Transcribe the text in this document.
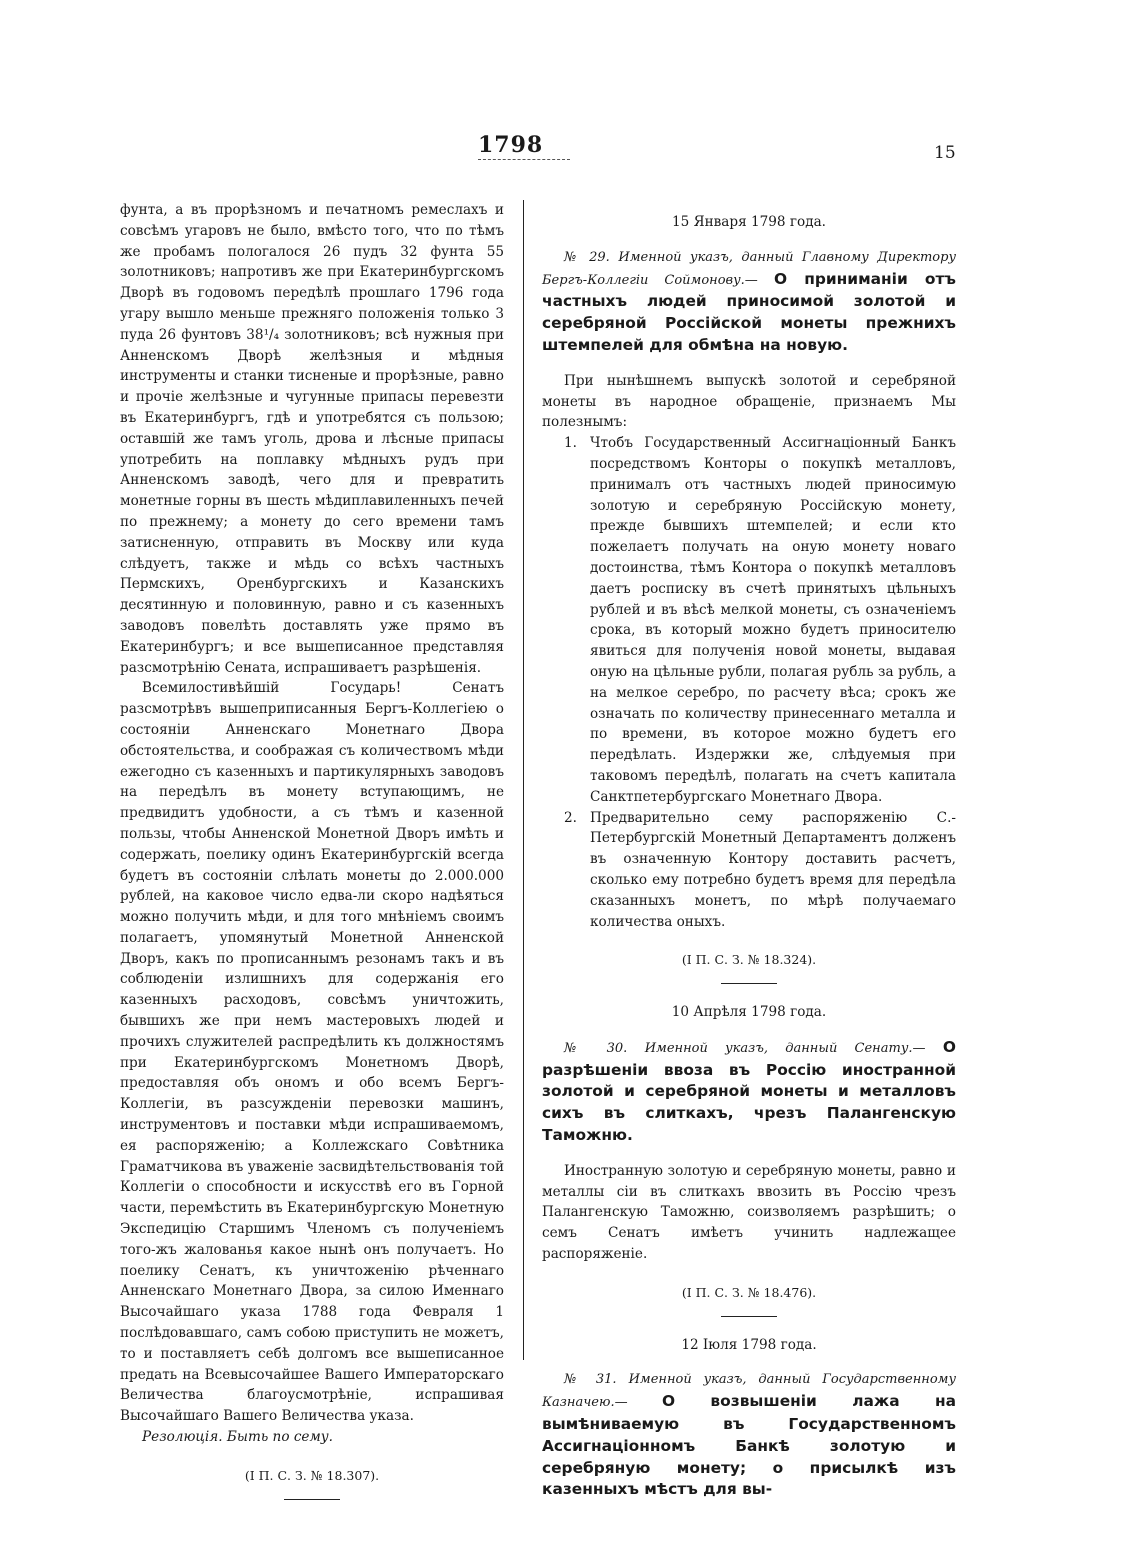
1798	15

фунта, а въ прорѣзномъ и печатномъ ремеслахъ и совсѣмъ угаровъ не было, вмѣсто того, что по тѣмъ же пробамъ пологалося 26 пудъ 32 фунта 55 золотниковъ; напротивъ же при Екатеринбургскомъ Дворѣ въ годовомъ передѣлѣ прошлаго 1796 года угару вышло меньше прежняго положенія только 3 пуда 26 фунтовъ 38¹/₄ золотниковъ; всѣ нужныя при Анненскомъ Дворѣ желѣзныя и мѣдныя инструменты и станки тисненые и прорѣзные, равно и прочіе желѣзные и чугунные припасы перевезти въ Екатеринбургъ, гдѣ и употребятся съ пользою; оставшій же тамъ уголь, дрова и лѣсные припасы употребить на поплавку мѣдныхъ рудъ при Анненскомъ заводѣ, чего для и превратить монетные горны въ шесть мѣдиплавиленныхъ печей по прежнему; а монету до сего времени тамъ затисненную, отправить въ Москву или куда слѣдуетъ, также и мѣдь со всѣхъ частныхъ Пермскихъ, Оренбургскихъ и Казанскихъ десятинную и половинную, равно и съ казенныхъ заводовъ повелѣть доставлять уже прямо въ Екатеринбургъ; и все вышеписанное представляя разсмотрѣнію Сената, испрашиваетъ разрѣшенія.

Всемилостивѣйшій Государь! Сенатъ разсмотрѣвъ вышеприписанныя Бергъ-Коллегіею о состояніи Анненскаго Монетнаго Двора обстоятельства, и соображая съ количествомъ мѣди ежегодно съ казенныхъ и партикулярныхъ заводовъ на передѣлъ въ монету вступающимъ, не предвидитъ удобности, а съ тѣмъ и казенной пользы, чтобы Анненской Монетной Дворъ имѣть и содержать, поелику одинъ Екатеринбургскій всегда будетъ въ состояніи слѣлать монеты до 2.000.000 рублей, на каковое число едва-ли скоро надѣяться можно получить мѣди, и для того мнѣніемъ своимъ полагаетъ, упомянутый Монетной Анненской Дворъ, какъ по прописаннымъ резонамъ такъ и въ соблюденіи излишнихъ для содержанія его казенныхъ расходовъ, совсѣмъ уничтожить, бывшихъ же при немъ мастеровыхъ людей и прочихъ служителей распредѣлить къ должностямъ при Екатеринбургскомъ Монетномъ Дворѣ, предоставляя объ ономъ и обо всемъ Бергъ-Коллегіи, въ разсужденіи перевозки машинъ, инструментовъ и поставки мѣди испрашиваемомъ, ея распоряженію; а Коллежскаго Совѣтника Граматчикова въ уваженіе засвидѣтельствованія той Коллегіи о способности и искусствѣ его въ Горной части, перемѣстить въ Екатеринбургскую Монетную Экспедицію Старшимъ Членомъ съ полученіемъ того-жъ жалованья какое нынѣ онъ получаетъ. Но поелику Сенатъ, къ уничтоженію рѣченнаго Анненскаго Монетнаго Двора, за силою Именнаго Высочайшаго указа 1788 года Февраля 1 послѣдовавшаго, самъ собою приступить не можетъ, то и поставляетъ себѣ долгомъ все вышеписанное предать на Всевысочайшее Вашего Императорскаго Величества благоусмотрѣніе, испрашивая Высочайшаго Вашего Величества указа.

Резолюція. Быть по сему.

(I П. С. З. № 18.307).

15 Января 1798 года.

№ 29. Именной указъ, данный Главному Директору Бергъ-Коллегіи Соймонову.— О приниманіи отъ частныхъ людей приносимой золотой и серебряной Россійской монеты прежнихъ штемпелей для обмѣна на новую.

При нынѣшнемъ выпускѣ золотой и серебряной монеты въ народное обращеніе, признаемъ Мы полезнымъ:

1. Чтобъ Государственный Ассигнаціонный Банкъ посредствомъ Конторы о покупкѣ металловъ, принималъ отъ частныхъ людей приносимую золотую и серебряную Россійскую монету, прежде бывшихъ штемпелей; и если кто пожелаетъ получать на оную монету новаго достоинства, тѣмъ Контора о покупкѣ металловъ даетъ росписку въ счетѣ принятыхъ цѣльныхъ рублей и въ вѣсѣ мелкой монеты, съ означеніемъ срока, въ который можно будетъ приносителю явиться для полученія новой монеты, выдавая оную на цѣльные рубли, полагая рубль за рубль, а на мелкое серебро, по расчету вѣса; срокъ же означать по количеству принесеннаго металла и по времени, въ которое можно будетъ его передѣлать. Издержки же, слѣдуемыя при таковомъ передѣлѣ, полагать на счетъ капитала Санктпетербургскаго Монетнаго Двора.
2. Предварительно сему распоряженію С.-Петербургскій Монетный Департаментъ долженъ въ означенную Контору доставить расчетъ, сколько ему потребно будетъ время для передѣла сказанныхъ монетъ, по мѣрѣ получаемаго количества оныхъ.

(I П. С. З. № 18.324).

10 Апрѣля 1798 года.

№ 30. Именной указъ, данный Сенату.— О разрѣшеніи ввоза въ Россію иностранной золотой и серебряной монеты и металловъ сихъ въ слиткахъ, чрезъ Палангенскую Таможню.

Иностранную золотую и серебряную монеты, равно и металлы сіи въ слиткахъ ввозить въ Россію чрезъ Палангенскую Таможню, соизволяемъ разрѣшить; о семъ Сенатъ имѣетъ учинить надлежащее распоряженіе.

(I П. С. З. № 18.476).

12 Іюля 1798 года.

№ 31. Именной указъ, данный Государственному Казначею.— О возвышеніи лажа на вымѣниваемую въ Государственномъ Ассигнаціонномъ Банкѣ золотую и серебряную монету; о присылкѣ изъ казенныхъ мѣстъ для вы-
